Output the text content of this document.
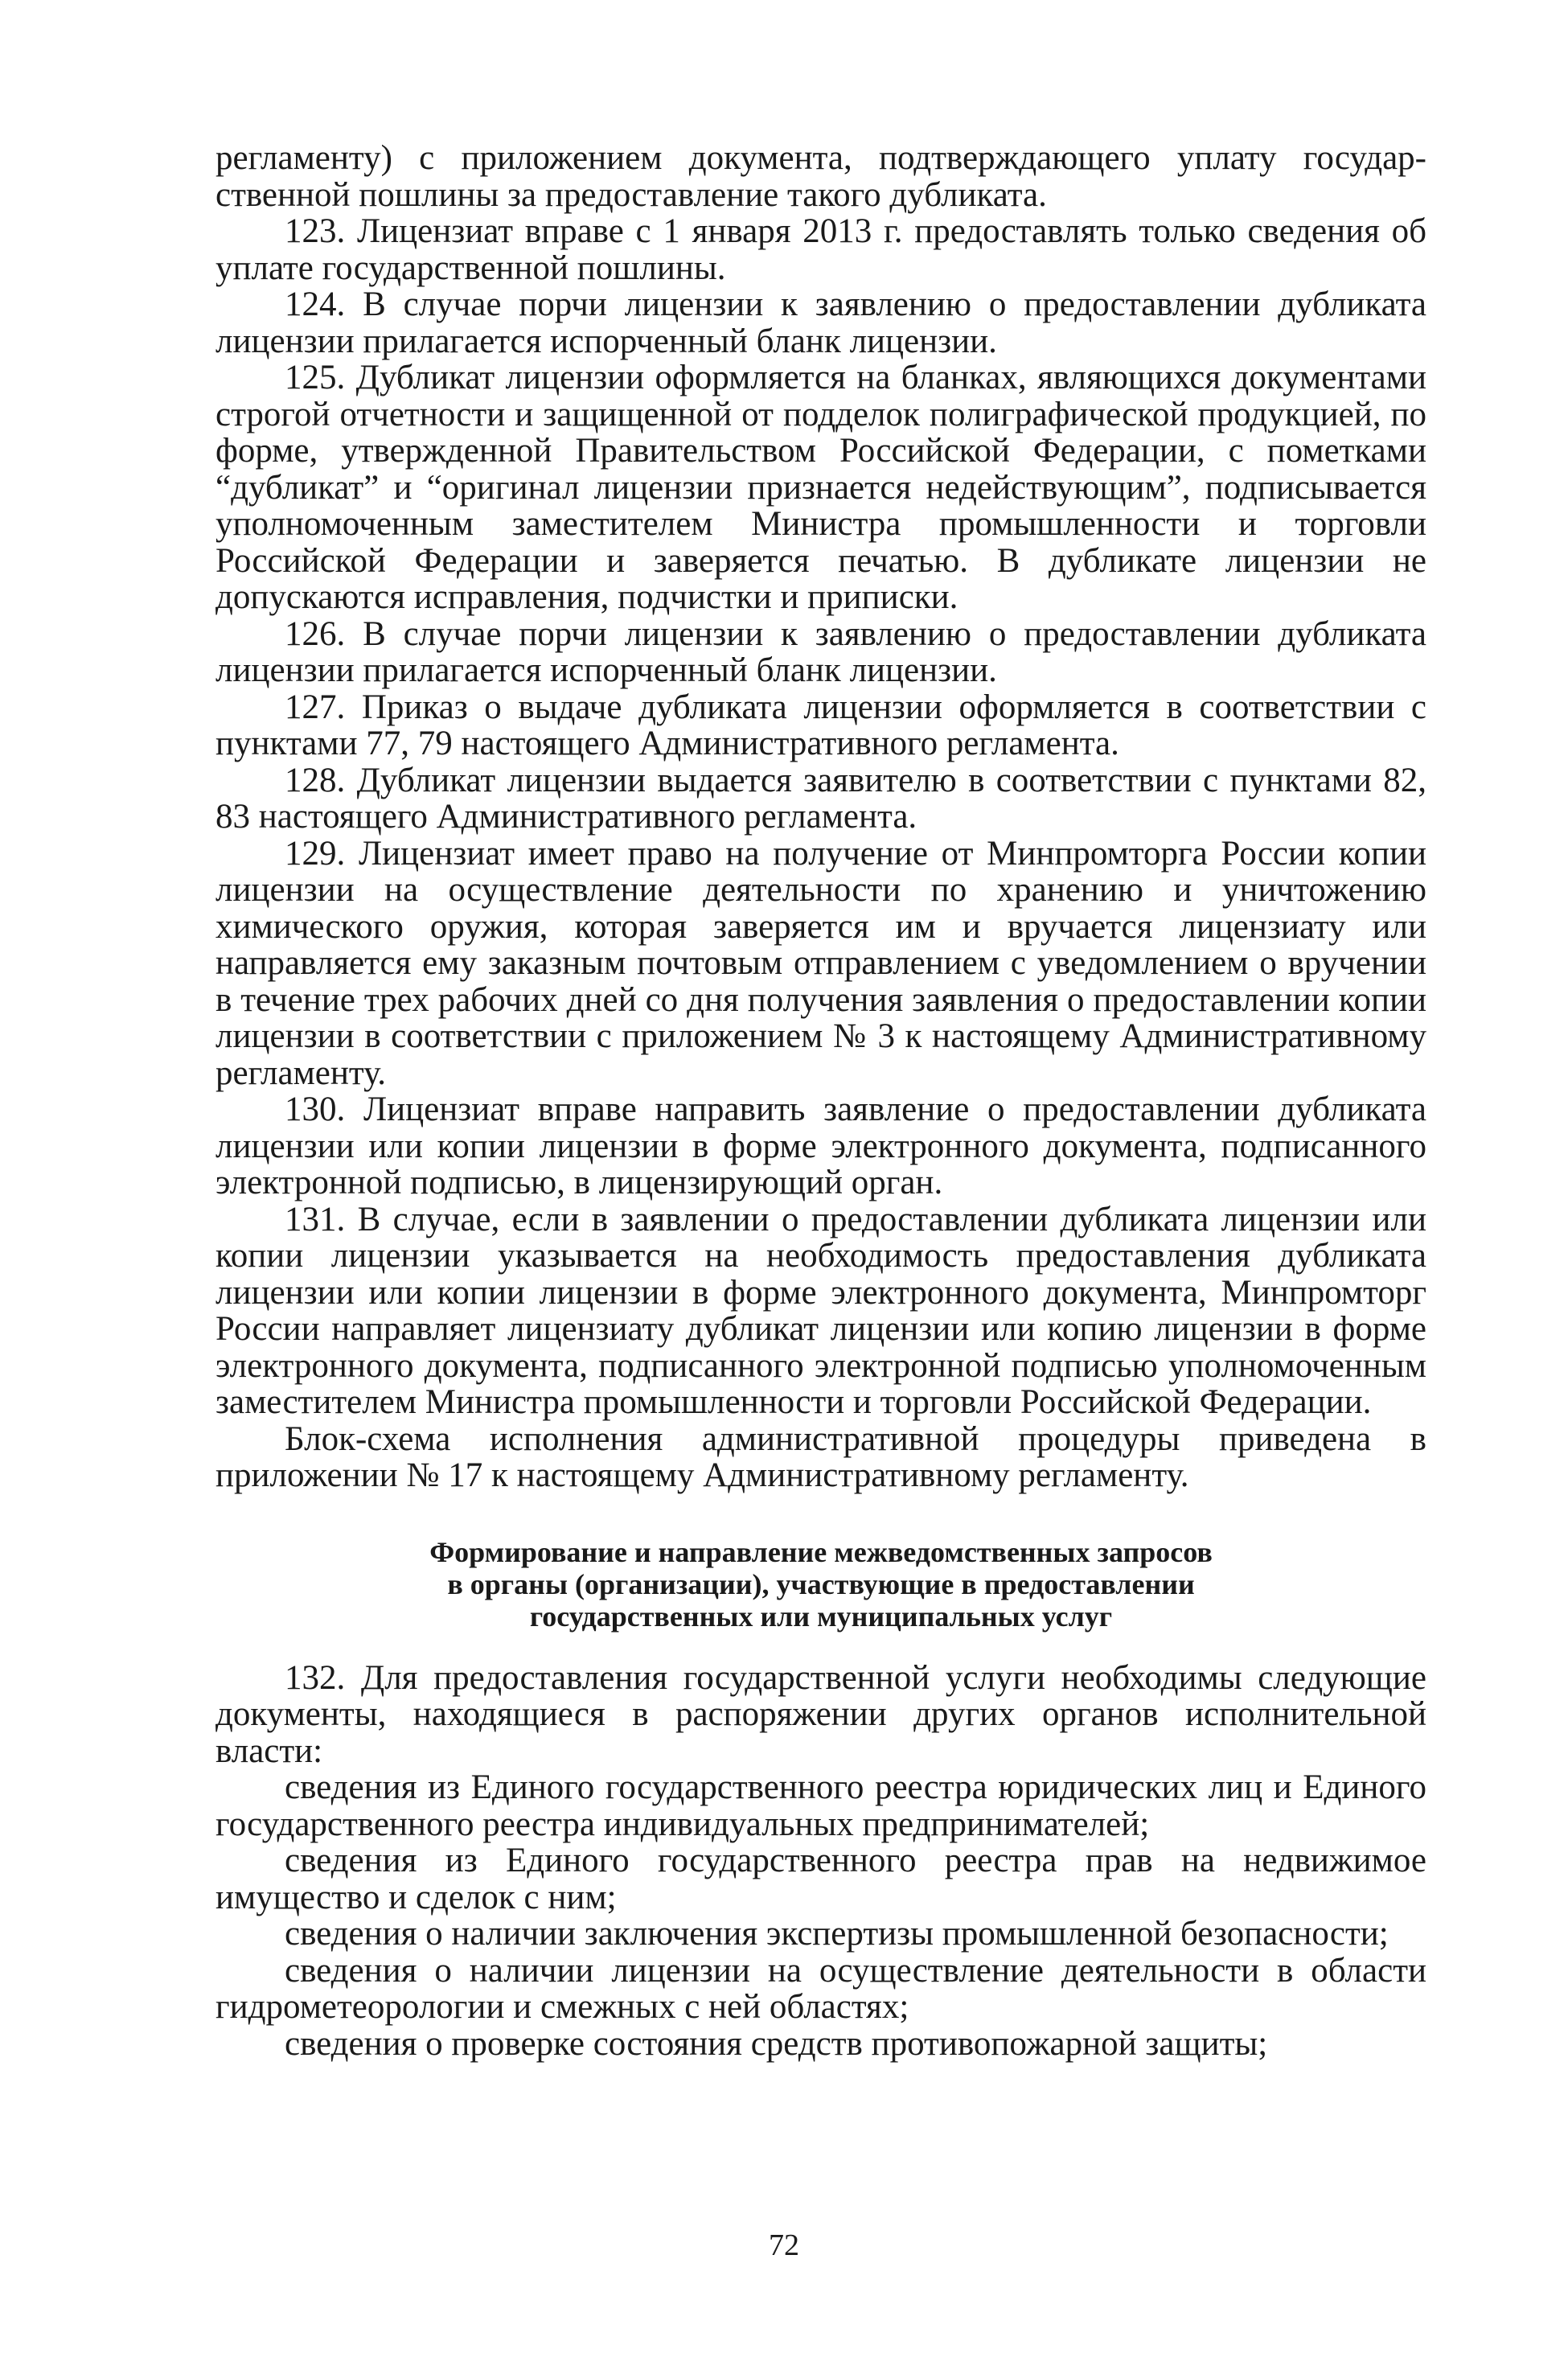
регламенту) с приложением документа, подтверждающего уплату государственной пошлины за предоставление такого дубликата.

123. Лицензиат вправе с 1 января 2013 г. предоставлять только сведения об уплате государственной пошлины.

124. В случае порчи лицензии к заявлению о предоставлении дубликата лицензии прилагается испорченный бланк лицензии.

125. Дубликат лицензии оформляется на бланках, являющихся документами строгой отчетности и защищенной от подделок полиграфической продукцией, по форме, утвержденной Правительством Российской Федерации, с пометками “дубликат” и “оригинал лицензии признается недействующим”, подписывается уполномоченным заместителем Министра промышленности и торговли Российской Федерации и заверяется печатью. В дубликате лицензии не допускаются исправления, подчистки и приписки.

126. В случае порчи лицензии к заявлению о предоставлении дубликата лицензии прилагается испорченный бланк лицензии.

127. Приказ о выдаче дубликата лицензии оформляется в соответствии с пунктами 77, 79 настоящего Административного регламента.

128. Дубликат лицензии выдается заявителю в соответствии с пунктами 82, 83 настоящего Административного регламента.

129. Лицензиат имеет право на получение от Минпромторга России копии лицензии на осуществление деятельности по хранению и уничтожению химического оружия, которая заверяется им и вручается лицензиату или направляется ему заказным почтовым отправлением с уведомлением о вручении в течение трех рабочих дней со дня получения заявления о предоставлении копии лицензии в соответствии с приложением № 3 к настоящему Административному регламенту.

130. Лицензиат вправе направить заявление о предоставлении дубликата лицензии или копии лицензии в форме электронного документа, подписанного электронной подписью, в лицензирующий орган.

131. В случае, если в заявлении о предоставлении дубликата лицензии или копии лицензии указывается на необходимость предоставления дубликата лицензии или копии лицензии в форме электронного документа, Минпромторг России направляет лицензиату дубликат лицензии или копию лицензии в форме электронного документа, подписанного электронной подписью уполномоченным заместителем Министра промышленности и торговли Российской Федерации.

Блок-схема исполнения административной процедуры приведена в приложении № 17 к настоящему Административному регламенту.

Формирование и направление межведомственных запросов
в органы (организации), участвующие в предоставлении
государственных или муниципальных услуг

132. Для предоставления государственной услуги необходимы следующие документы, находящиеся в распоряжении других органов исполнительной власти:

сведения из Единого государственного реестра юридических лиц и Единого государственного реестра индивидуальных предпринимателей;

сведения из Единого государственного реестра прав на недвижимое имущество и сделок с ним;

сведения о наличии заключения экспертизы промышленной безопасности;

сведения о наличии лицензии на осуществление деятельности в области гидрометеорологии и смежных с ней областях;

сведения о проверке состояния средств противопожарной защиты;

72
